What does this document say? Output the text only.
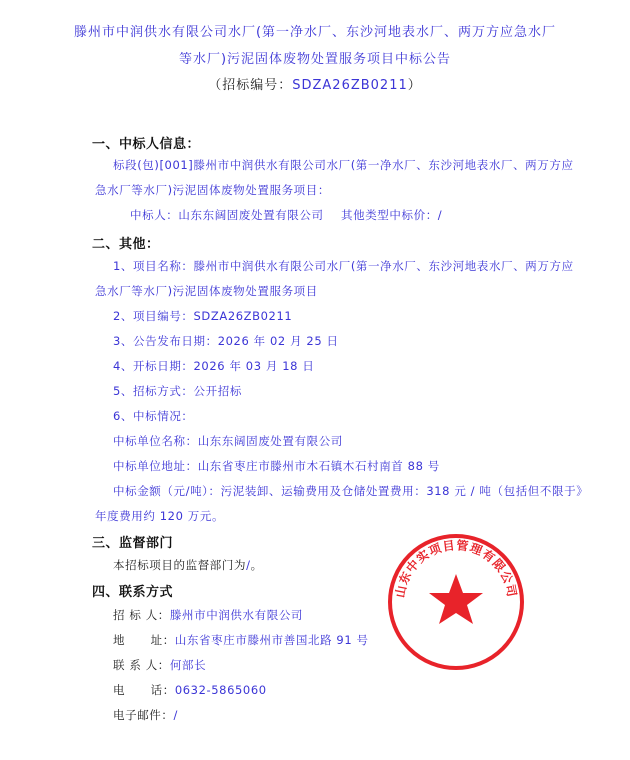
滕州市中润供水有限公司水厂(第一净水厂、东沙河地表水厂、两万方应急水厂
等水厂)污泥固体废物处置服务项目中标公告
（招标编号：SDZA26ZB0211）
一、中标人信息：
标段(包)[001]滕州市中润供水有限公司水厂(第一净水厂、东沙河地表水厂、两万方应
急水厂等水厂)污泥固体废物处置服务项目：
中标人：山东东阔固废处置有限公司 其他类型中标价：/
二、其他：
1、项目名称：滕州市中润供水有限公司水厂(第一净水厂、东沙河地表水厂、两万方应
急水厂等水厂)污泥固体废物处置服务项目
2、项目编号：SDZA26ZB0211
3、公告发布日期：2026 年 02 月 25 日
4、开标日期：2026 年 03 月 18 日
5、招标方式：公开招标
6、中标情况：
中标单位名称：山东东阔固废处置有限公司
中标单位地址：山东省枣庄市滕州市木石镇木石村南首 88 号
中标金额（元/吨）：污泥装卸、运输费用及仓储处置费用：318 元 / 吨（包括但不限于》
年度费用约 120 万元。
三、监督部门
本招标项目的监督部门为/。
四、联系方式
招 标 人：滕州市中润供水有限公司
地      址：山东省枣庄市滕州市善国北路 91 号
联 系 人：何部长
电      话：0632-5865060
电子邮件：/
山东中实项目管理有限公司
